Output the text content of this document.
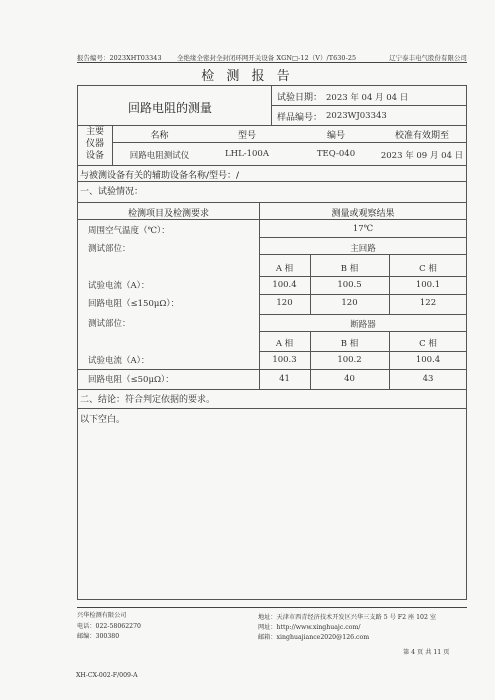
报告编号：2023XHT03343 全绝缘全密封全封闭环网开关设备 XGN□-12（V）/T630-25	辽宁泰丰电气股份有限公司
检 测 报 告
回路电阻的测量
试验日期： 2023 年 04 月 04 日
样品编号： 2023WJ03343
主要
仪器
设备
名称	型号	编号	校准有效期至
回路电阻测试仪	LHL-100A	TEQ-040	2023 年 09 月 04 日
与被测设备有关的辅助设备名称/型号：/
一、试验情况：
检测项目及检测要求	测量或观察结果
周围空气温度（℃）：	17℃
测试部位：	主回路
A 相	B 相	C 相
试验电流（A）：	100.4	100.5	100.1
回路电阻（≤150μΩ）：	120	120	122
测试部位：	断路器
A 相	B 相	C 相
试验电流（A）：	100.3	100.2	100.4
回路电阻（≤50μΩ）：	41	40	43
二、结论：符合判定依据的要求。
以下空白。
兴华检测有限公司
电话：022-58062270
邮编：300380
地址：天津市西青经济技术开发区兴华三支路 5 号 F2 座 102 室
网址：http://www.xinghuajc.com/
邮箱：xinghuajiance2020@126.com
XH-CX-002-F/009-A
第 4 页 共 11 页
